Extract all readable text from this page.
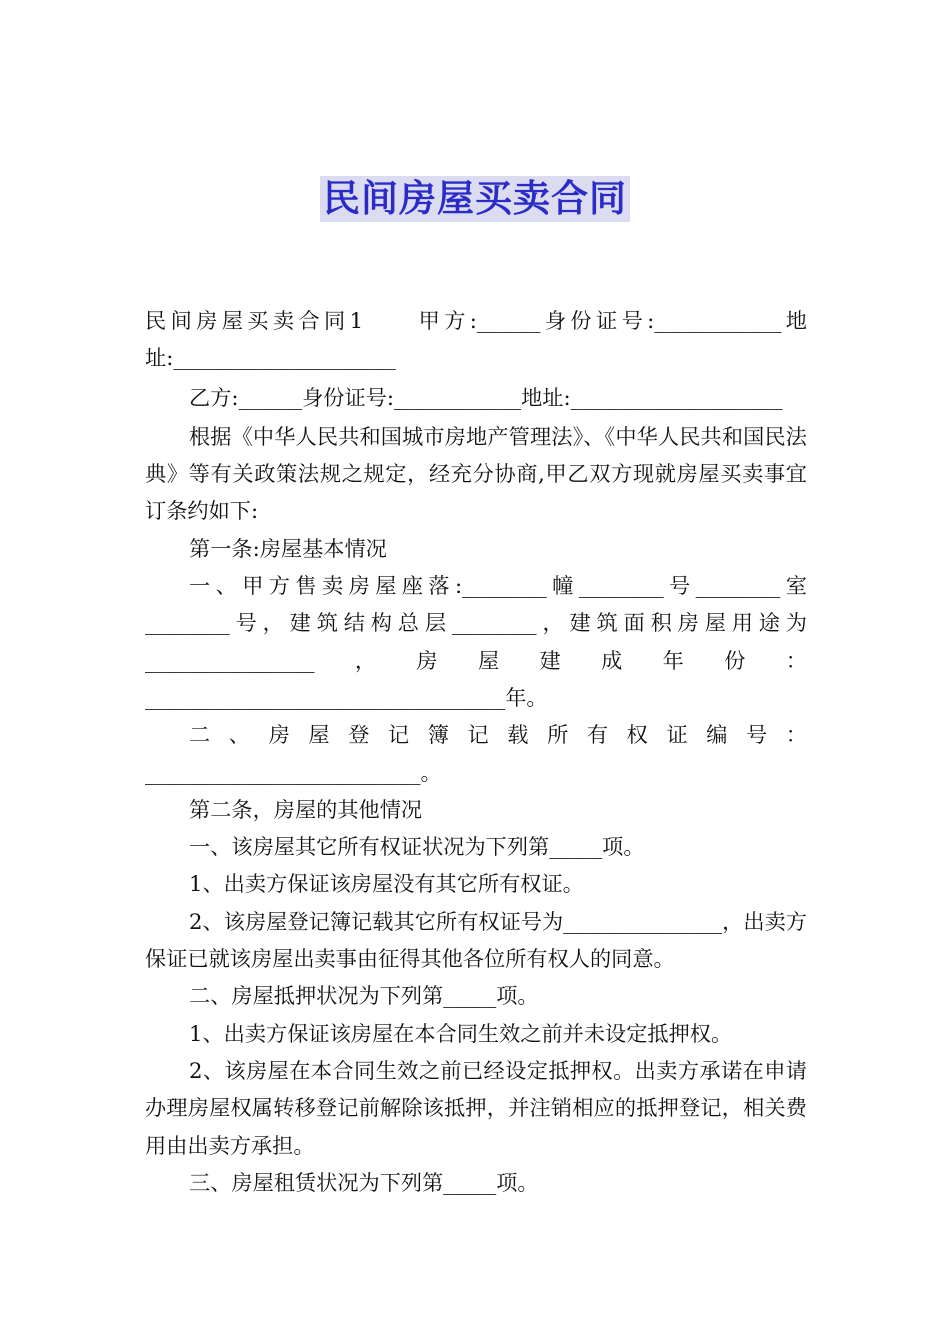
民间房屋买卖合同

民间房屋买卖合同1　　甲方:______身份证号:____________地址:_____________________

乙方:______身份证号:____________地址:____________________

根据《中华人民共和国城市房地产管理法》、《中华人民共和国民法典》等有关政策法规之规定，经充分协商,甲乙双方现就房屋买卖事宜订条约如下:

第一条:房屋基本情况

一、甲方售卖房屋座落:________幢________号________室________号，建筑结构总层________，建筑面积房屋用途为________________，房屋建成年份：__________________________________年。

二、房屋登记簿记载所有权证编号：__________________________。

第二条，房屋的其他情况

一、该房屋其它所有权证状况为下列第_____项。

1、出卖方保证该房屋没有其它所有权证。

2、该房屋登记簿记载其它所有权证号为_______________，出卖方保证已就该房屋出卖事由征得其他各位所有权人的同意。

二、房屋抵押状况为下列第_____项。

1、出卖方保证该房屋在本合同生效之前并未设定抵押权。

2、该房屋在本合同生效之前已经设定抵押权。出卖方承诺在申请办理房屋权属转移登记前解除该抵押，并注销相应的抵押登记，相关费用由出卖方承担。

三、房屋租赁状况为下列第_____项。
